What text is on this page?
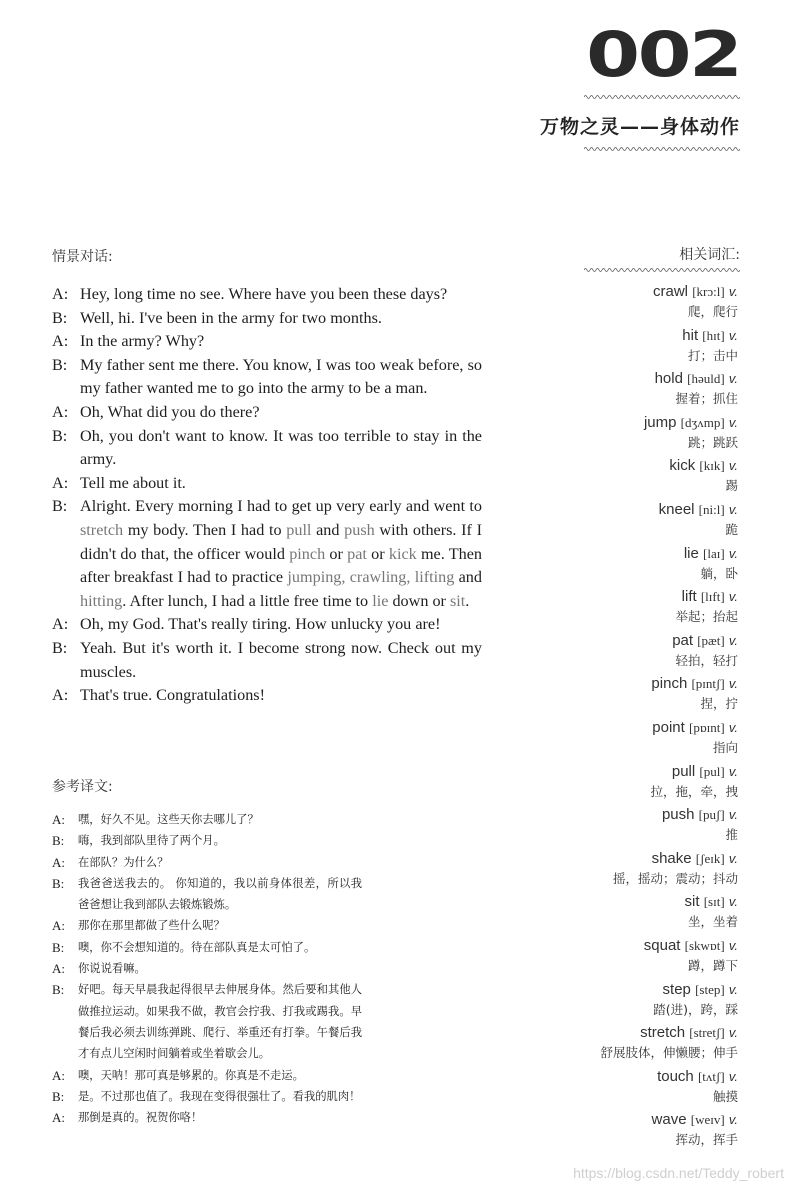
002
万物之灵——身体动作
情景对话:	相关词汇:
A: Hey, long time no see. Where have you been these days?
B: Well, hi. I've been in the army for two months.
A: In the army? Why?
B: My father sent me there. You know, I was too weak before, so my father wanted me to go into the army to be a man.
A: Oh, What did you do there?
B: Oh, you don't want to know. It was too terrible to stay in the army.
A: Tell me about it.
B: Alright. Every morning I had to get up very early and went to stretch my body. Then I had to pull and push with others. If I didn't do that, the officer would pinch or pat or kick me. Then after breakfast I had to practice jumping, crawling, lifting and hitting. After lunch, I had a little free time to lie down or sit.
A: Oh, my God. That's really tiring. How unlucky you are!
B: Yeah. But it's worth it. I become strong now. Check out my muscles.
A: That's true. Congratulations!
参考译文:
A:	嘿，好久不见。这些天你去哪儿了？
B:	嗨，我到部队里待了两个月。
A:	在部队？为什么？
B:	我爸爸送我去的。 你知道的，我以前身体很差，所以我爸爸想让我到部队去锻炼锻炼。
A:	那你在那里都做了些什么呢？
B:	噢，你不会想知道的。待在部队真是太可怕了。
A:	你说说看嘛。
B:	好吧。每天早晨我起得很早去伸展身体。然后要和其他人做推拉运动。如果我不做，教官会拧我、打我或踢我。早餐后我必须去训练弹跳、爬行、举重还有打拳。午餐后我才有点儿空闲时间躺着或坐着歇会儿。
A:	噢，天呐！那可真是够累的。你真是不走运。
B:	是。不过那也值了。我现在变得很强壮了。看我的肌肉！
A:	那倒是真的。祝贺你咯！
crawl [krɔ:l] v.
爬，爬行
hit [hɪt] v.
打；击中
hold [həuld] v.
握着；抓住
jump [dʒʌmp] v.
跳；跳跃
kick [kɪk] v.
踢
kneel [ni:l] v.
跪
lie [laɪ] v.
躺，卧
lift [lɪft] v.
举起；抬起
pat [pæt] v.
轻拍，轻打
pinch [pɪntʃ] v.
捏，拧
point [pɒɪnt] v.
指向
pull [pul] v.
拉，拖，牵，拽
push [puʃ] v.
推
shake [ʃeɪk] v.
摇，摇动；震动；抖动
sit [sɪt] v.
坐，坐着
squat [skwɒt] v.
蹲，蹲下
step [step] v.
踏(进)，跨，踩
stretch [stretʃ] v.
舒展肢体，伸懒腰；伸手
touch [tʌtʃ] v.
触摸
wave [weɪv] v.
挥动，挥手
https://blog.csdn.net/Teddy_robert
